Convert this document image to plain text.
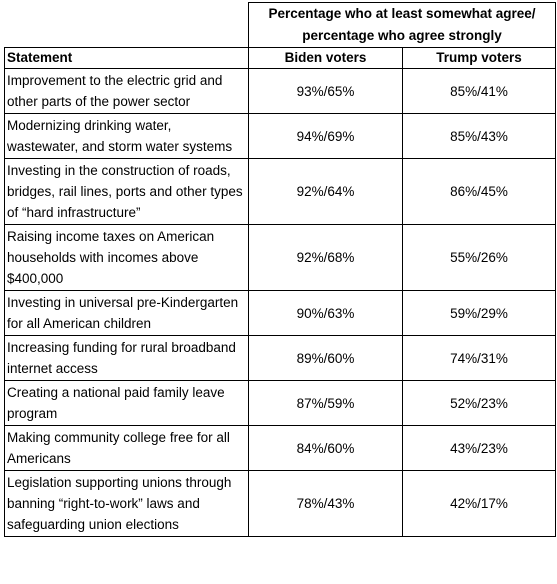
	Percentage who at least somewhat agree/ percentage who agree strongly	
Statement	Biden voters	Trump voters
Improvement to the electric grid and other parts of the power sector	93%/65%	85%/41%
Modernizing drinking water, wastewater, and storm water systems	94%/69%	85%/43%
Investing in the construction of roads, bridges, rail lines, ports and other types of “hard infrastructure”	92%/64%	86%/45%
Raising income taxes on American households with incomes above $400,000	92%/68%	55%/26%
Investing in universal pre-Kindergarten for all American children	90%/63%	59%/29%
Increasing funding for rural broadband internet access	89%/60%	74%/31%
Creating a national paid family leave program	87%/59%	52%/23%
Making community college free for all Americans	84%/60%	43%/23%
Legislation supporting unions through banning “right-to-work” laws and safeguarding union elections	78%/43%	42%/17%
